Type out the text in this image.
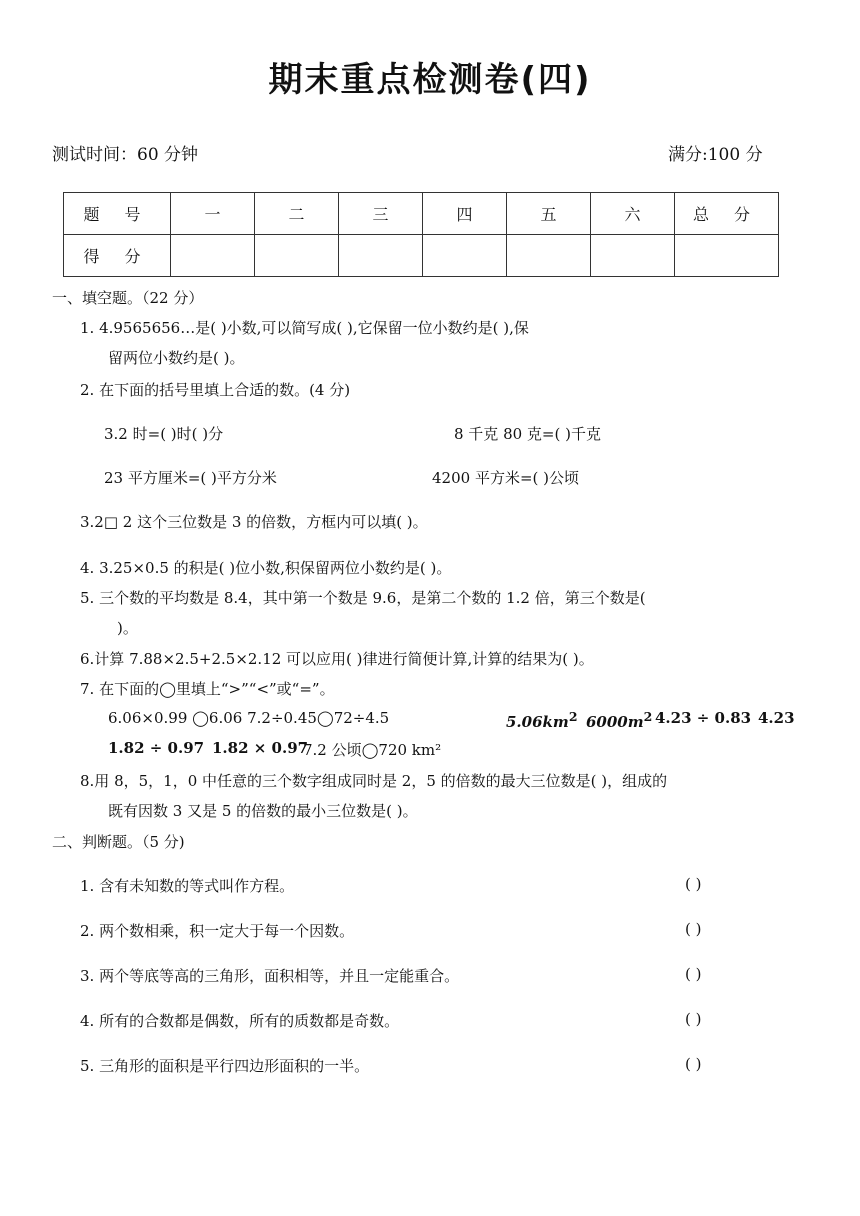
期末重点检测卷(四)
测试时间：60 分钟	满分:100 分
题 号	一	二	三	四	五	六	总 分
得 分							
一、填空题。（22 分）
1. 4.9565656…是( )小数,可以简写成( ),它保留一位小数约是( ),保
留两位小数约是( )。
2. 在下面的括号里填上合适的数。(4 分)
3.2 时=( )时( )分	8 千克 80 克=( )千克
23 平方厘米=( )平方分米	4200 平方米=( )公顷
3.2□ 2 这个三位数是 3 的倍数，方框内可以填( )。
4. 3.25×0.5 的积是( )位小数,积保留两位小数约是( )。
5. 三个数的平均数是 8.4，其中第一个数是 9.6，是第二个数的 1.2 倍，第三个数是(
)。
6.计算 7.88×2.5+2.5×2.12 可以应用( )律进行简便计算,计算的结果为( )。
7. 在下面的◯里填上“>”“<”或“=”。
6.06×0.99 ◯6.06 7.2÷0.45◯72÷4.5	$5.06km^2$ $6000m^2$ 4.23 ÷ 0.83 4.23
1.82 ÷ 0.97 1.82 × 0.97
7.2 公顷◯720 km²
8.用 8，5，1，0 中任意的三个数字组成同时是 2，5 的倍数的最大三位数是( )，组成的
既有因数 3 又是 5 的倍数的最小三位数是( )。
二、判断题。（5 分)
1. 含有未知数的等式叫作方程。	( )
2. 两个数相乘，积一定大于每一个因数。	( )
3. 两个等底等高的三角形，面积相等，并且一定能重合。	( )
4. 所有的合数都是偶数，所有的质数都是奇数。	( )
5. 三角形的面积是平行四边形面积的一半。	( )
